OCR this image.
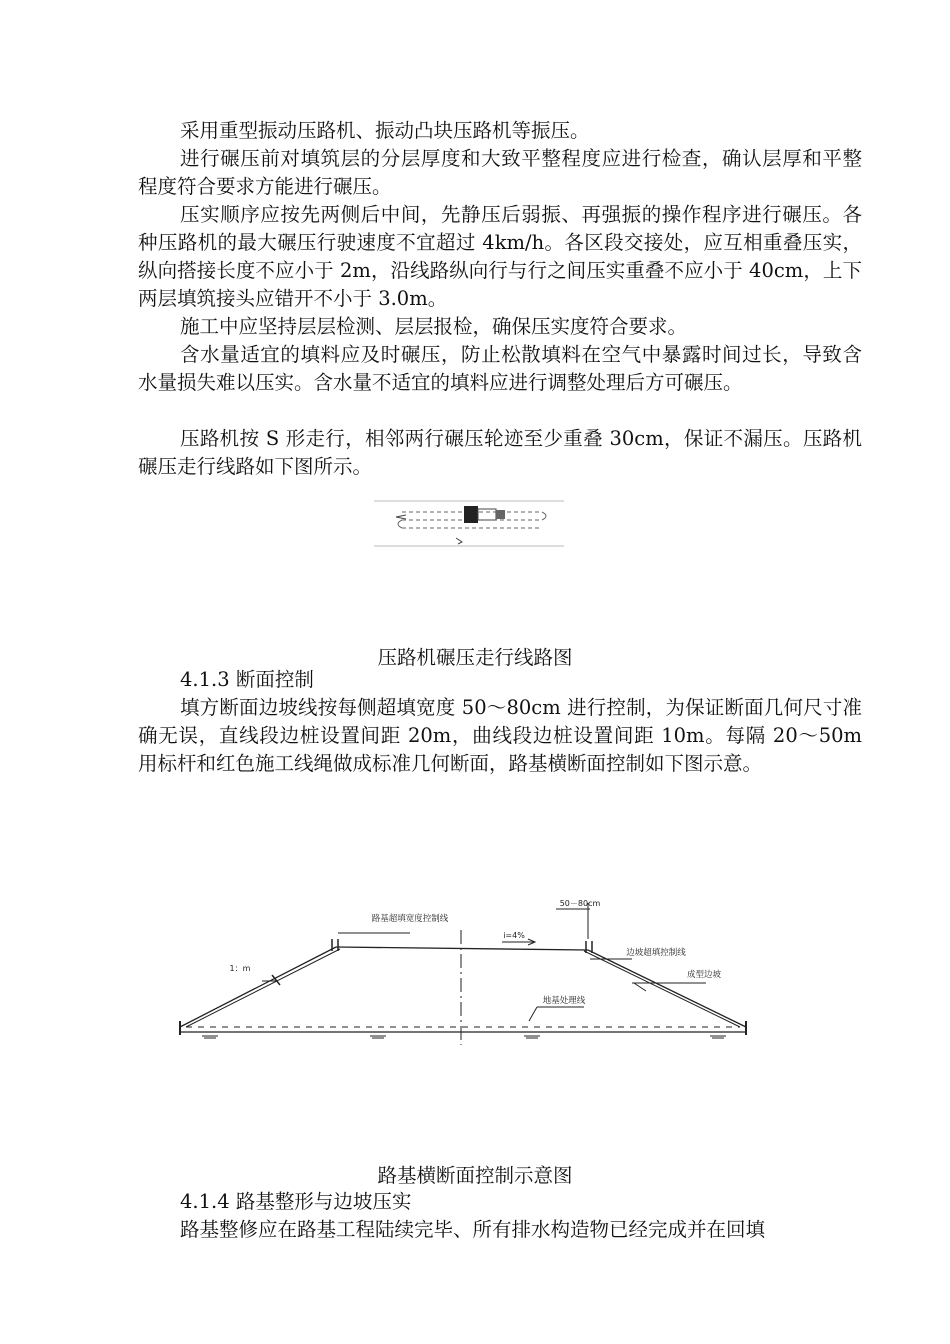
采用重型振动压路机、振动凸块压路机等振压。

进行碾压前对填筑层的分层厚度和大致平整程度应进行检查，确认层厚和平整程度符合要求方能进行碾压。

压实顺序应按先两侧后中间，先静压后弱振、再强振的操作程序进行碾压。各种压路机的最大碾压行驶速度不宜超过 4km/h。各区段交接处，应互相重叠压实，纵向搭接长度不应小于 2m，沿线路纵向行与行之间压实重叠不应小于 40cm，上下两层填筑接头应错开不小于 3.0m。

施工中应坚持层层检测、层层报检，确保压实度符合要求。

含水量适宜的填料应及时碾压，防止松散填料在空气中暴露时间过长，导致含水量损失难以压实。含水量不适宜的填料应进行调整处理后方可碾压。

压路机按 S 形走行，相邻两行碾压轮迹至少重叠 30cm，保证不漏压。压路机碾压走行线路如下图所示。

压路机碾压走行线路图

4.1.3 断面控制

填方断面边坡线按每侧超填宽度 50～80cm 进行控制，为保证断面几何尺寸准确无误，直线段边桩设置间距 20m，曲线段边桩设置间距 10m。每隔 20～50m 用标杆和红色施工线绳做成标准几何断面，路基横断面控制如下图示意。

路基超填宽度控制线
50－80cm
i=4%
1：m
边坡超填控制线
成型边坡
地基处理线

路基横断面控制示意图

4.1.4 路基整形与边坡压实

路基整修应在路基工程陆续完毕、所有排水构造物已经完成并在回填
